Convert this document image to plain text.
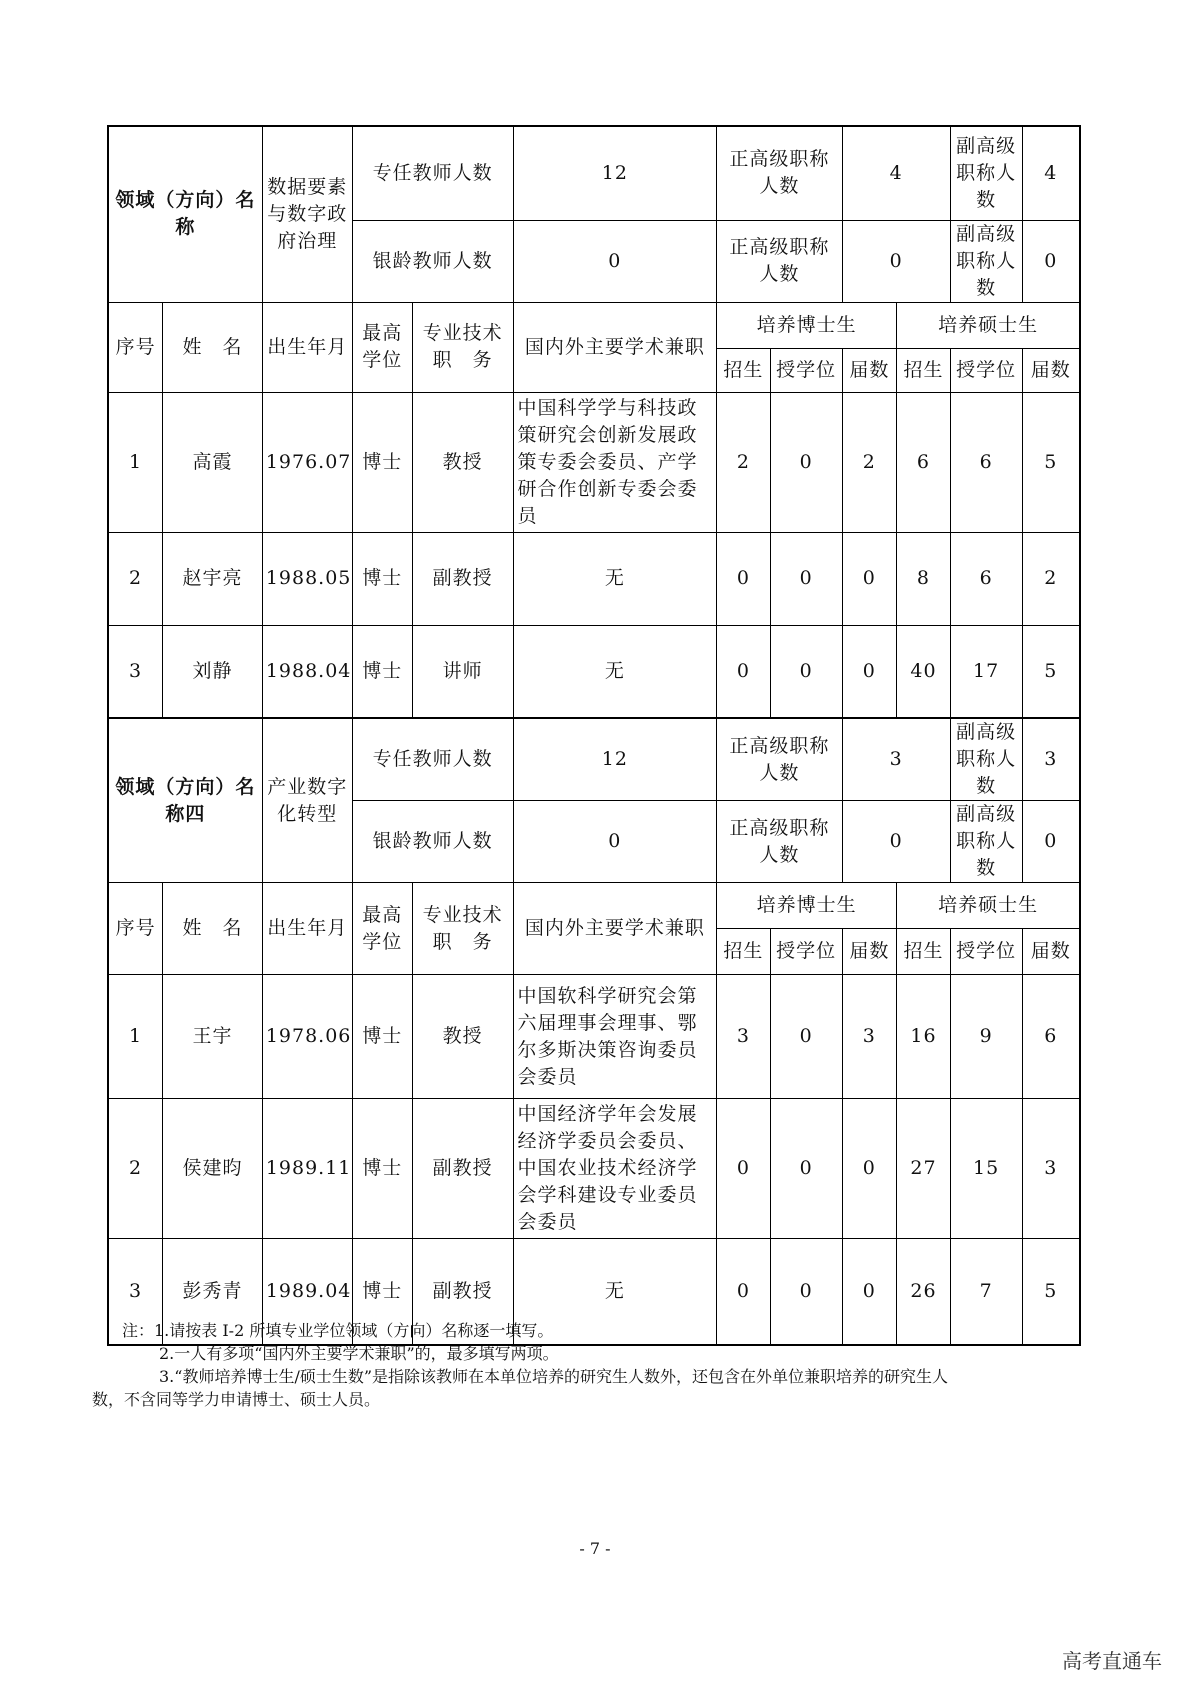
领域（方向）名称		数据要素与数字政府治理	专任教师人数		12	正高级职称人数		4		副高级职称人数	4
			银龄教师人数		0	正高级职称人数		0		副高级职称人数	0
序号	姓　名	出生年月	最高学位	专业技术职　务	国内外主要学术兼职	培养博士生			培养硕士生		
						招生	授学位	届数	招生	授学位	届数
1	高霞	1976.07	博士	教授	中国科学学与科技政策研究会创新发展政策专委会委员、产学研合作创新专委会委员	2	0	2	6	6	5
2	赵宇亮	1988.05	博士	副教授	无	0	0	0	8	6	2
3	刘静	1988.04	博士	讲师	无	0	0	0	40	17	5
领域（方向）名称四		产业数字化转型	专任教师人数		12	正高级职称人数		3		副高级职称人数	3
			银龄教师人数		0	正高级职称人数		0		副高级职称人数	0
序号	姓　名	出生年月	最高学位	专业技术职　务	国内外主要学术兼职	培养博士生			培养硕士生		
						招生	授学位	届数	招生	授学位	届数
1	王宇	1978.06	博士	教授	中国软科学研究会第六届理事会理事、鄂尔多斯决策咨询委员会委员	3	0	3	16	9	6
2	侯建昀	1989.11	博士	副教授	中国经济学年会发展经济学委员会委员、中国农业技术经济学会学科建设专业委员会委员	0	0	0	27	15	3
3	彭秀青	1989.04	博士	副教授	无	0	0	0	26	7	5

注：1.请按表 I-2 所填专业学位领域（方向）名称逐一填写。

2.一人有多项“国内外主要学术兼职”的，最多填写两项。

3.“教师培养博士生/硕士生数”是指除该教师在本单位培养的研究生人数外，还包含在外单位兼职培养的研究生人

数，不含同等学力申请博士、硕士人员。

- 7 -
高考直通车
